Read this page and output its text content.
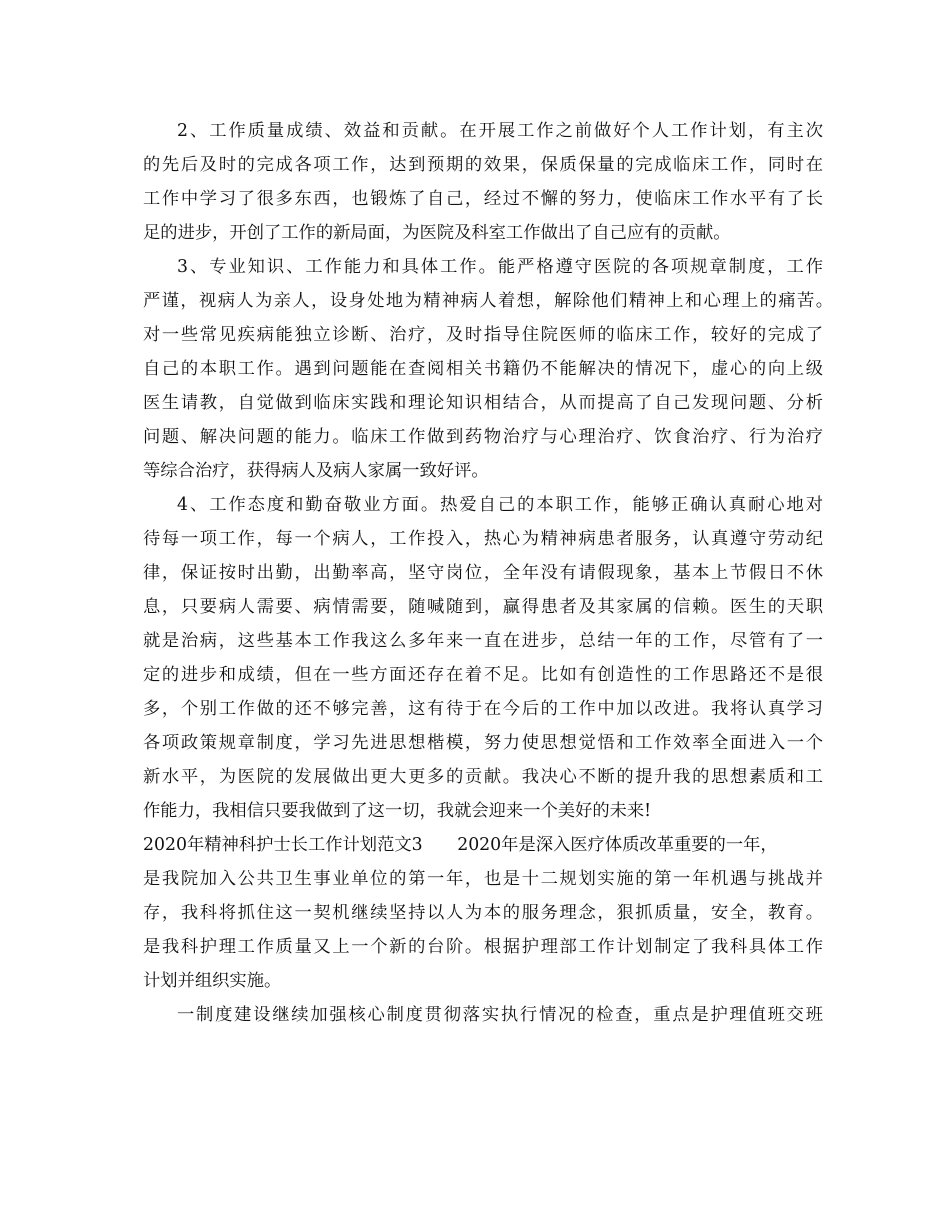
2、工作质量成绩、效益和贡献。在开展工作之前做好个人工作计划，有主次
的先后及时的完成各项工作，达到预期的效果，保质保量的完成临床工作，同时在
工作中学习了很多东西，也锻炼了自己，经过不懈的努力，使临床工作水平有了长
足的进步，开创了工作的新局面，为医院及科室工作做出了自己应有的贡献。
3、专业知识、工作能力和具体工作。能严格遵守医院的各项规章制度，工作
严谨，视病人为亲人，设身处地为精神病人着想，解除他们精神上和心理上的痛苦。
对一些常见疾病能独立诊断、治疗，及时指导住院医师的临床工作，较好的完成了
自己的本职工作。遇到问题能在查阅相关书籍仍不能解决的情况下，虚心的向上级
医生请教，自觉做到临床实践和理论知识相结合，从而提高了自己发现问题、分析
问题、解决问题的能力。临床工作做到药物治疗与心理治疗、饮食治疗、行为治疗
等综合治疗，获得病人及病人家属一致好评。
4、工作态度和勤奋敬业方面。热爱自己的本职工作，能够正确认真耐心地对
待每一项工作，每一个病人，工作投入，热心为精神病患者服务，认真遵守劳动纪
律，保证按时出勤，出勤率高，坚守岗位，全年没有请假现象，基本上节假日不休
息，只要病人需要、病情需要，随喊随到，赢得患者及其家属的信赖。医生的天职
就是治病，这些基本工作我这么多年来一直在进步，总结一年的工作，尽管有了一
定的进步和成绩，但在一些方面还存在着不足。比如有创造性的工作思路还不是很
多，个别工作做的还不够完善，这有待于在今后的工作中加以改进。我将认真学习
各项政策规章制度，学习先进思想楷模，努力使思想觉悟和工作效率全面进入一个
新水平，为医院的发展做出更大更多的贡献。我决心不断的提升我的思想素质和工
作能力，我相信只要我做到了这一切，我就会迎来一个美好的未来!
2020年精神科护士长工作计划范文3　　2020年是深入医疗体质改革重要的一年，
是我院加入公共卫生事业单位的第一年，也是十二规划实施的第一年机遇与挑战并
存，我科将抓住这一契机继续坚持以人为本的服务理念，狠抓质量，安全，教育。
是我科护理工作质量又上一个新的台阶。根据护理部工作计划制定了我科具体工作
计划并组织实施。
一制度建设继续加强核心制度贯彻落实执行情况的检查，重点是护理值班交班
